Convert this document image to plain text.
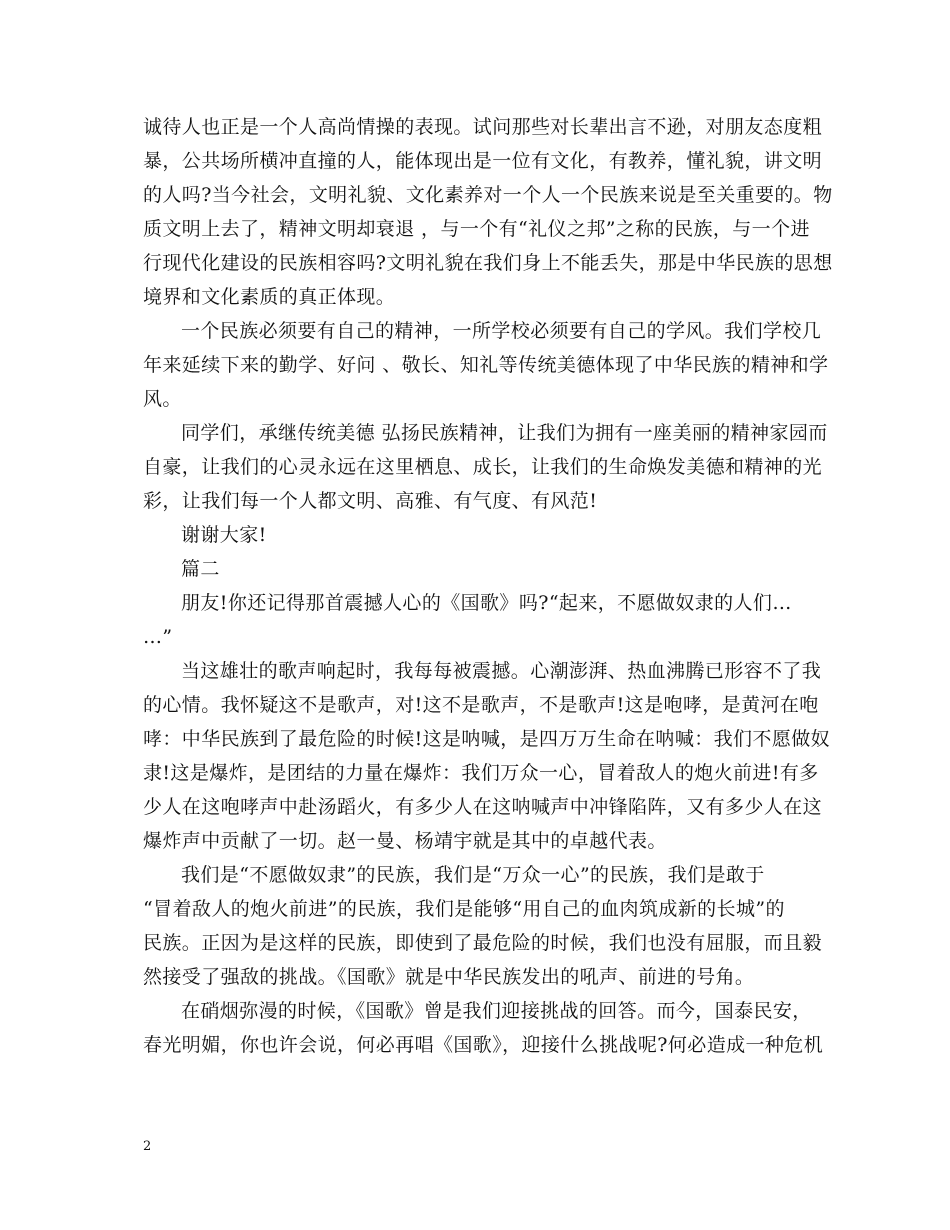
诚待人也正是一个人高尚情操的表现。试问那些对长辈出言不逊，对朋友态度粗
暴，公共场所横冲直撞的人，能体现出是一位有文化，有教养，懂礼貌，讲文明
的人吗?当今社会，文明礼貌、文化素养对一个人一个民族来说是至关重要的。物
质文明上去了，精神文明却衰退 ，与一个有“礼仪之邦”之称的民族，与一个进
行现代化建设的民族相容吗?文明礼貌在我们身上不能丢失，那是中华民族的思想
境界和文化素质的真正体现。
一个民族必须要有自己的精神，一所学校必须要有自己的学风。我们学校几
年来延续下来的勤学、好问 、敬长、知礼等传统美德体现了中华民族的精神和学
风。
同学们，承继传统美德 弘扬民族精神，让我们为拥有一座美丽的精神家园而
自豪，让我们的心灵永远在这里栖息、成长，让我们的生命焕发美德和精神的光
彩，让我们每一个人都文明、高雅、有气度、有风范!
谢谢大家!
篇二
朋友!你还记得那首震撼人心的《国歌》吗?“起来，不愿做奴隶的人们…
…”
当这雄壮的歌声响起时，我每每被震撼。心潮澎湃、热血沸腾已形容不了我
的心情。我怀疑这不是歌声，对!这不是歌声，不是歌声!这是咆哮，是黄河在咆
哮：中华民族到了最危险的时候!这是呐喊，是四万万生命在呐喊：我们不愿做奴
隶!这是爆炸，是团结的力量在爆炸：我们万众一心，冒着敌人的炮火前进!有多
少人在这咆哮声中赴汤蹈火，有多少人在这呐喊声中冲锋陷阵，又有多少人在这
爆炸声中贡献了一切。赵一曼、杨靖宇就是其中的卓越代表。
我们是“不愿做奴隶”的民族，我们是“万众一心”的民族，我们是敢于
“冒着敌人的炮火前进”的民族，我们是能够“用自己的血肉筑成新的长城”的
民族。正因为是这样的民族，即使到了最危险的时候，我们也没有屈服，而且毅
然接受了强敌的挑战。《国歌》就是中华民族发出的吼声、前进的号角。
在硝烟弥漫的时候，《国歌》曾是我们迎接挑战的回答。而今，国泰民安，
春光明媚，你也许会说，何必再唱《国歌》，迎接什么挑战呢?何必造成一种危机
2
